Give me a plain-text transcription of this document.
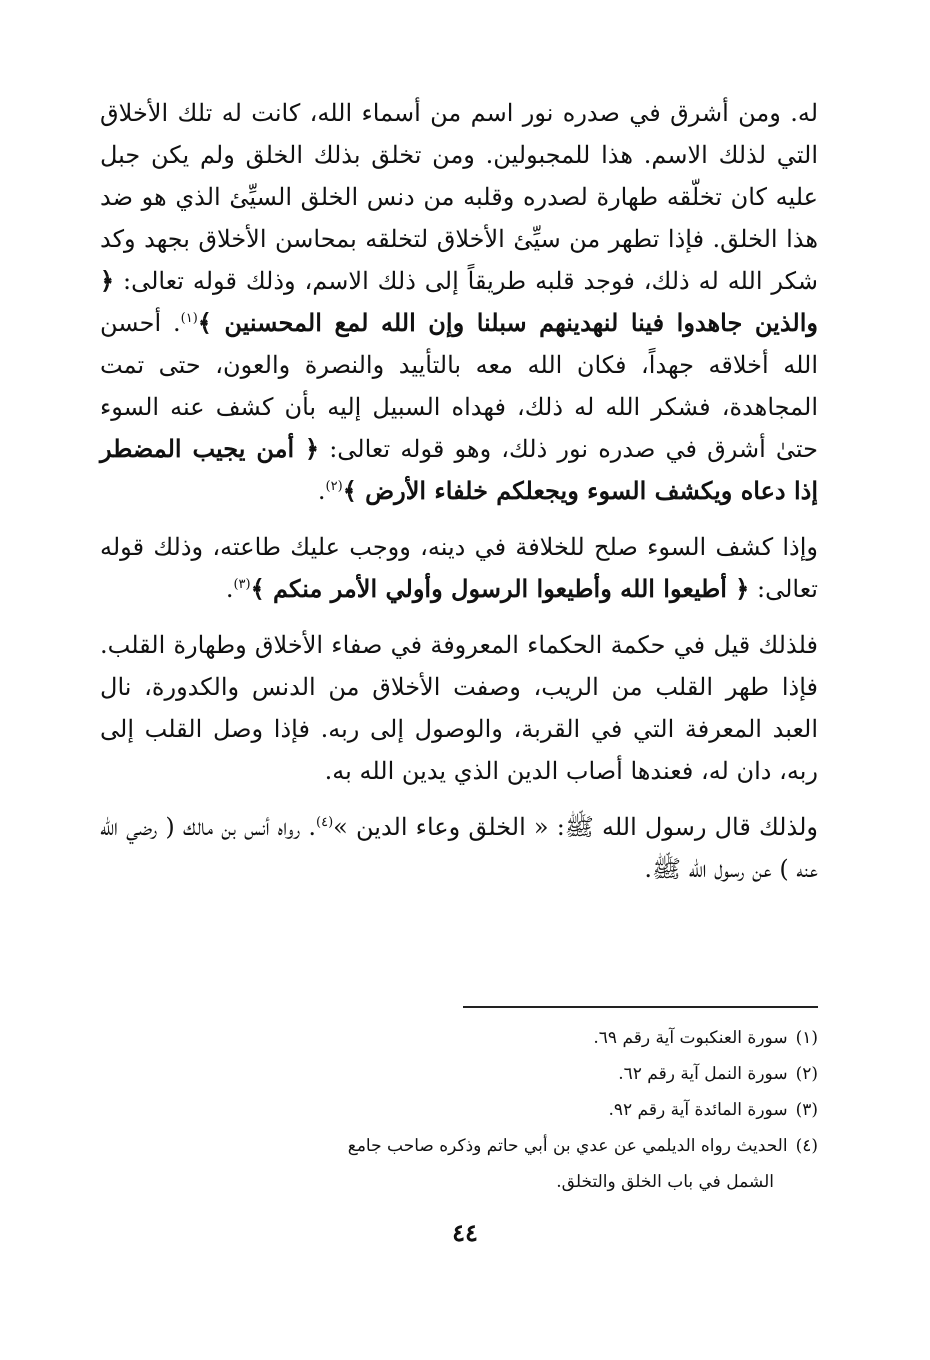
له. ومن أشرق في صدره نور اسم من أسماء الله، كانت له تلك الأخلاق التي لذلك الاسم. هذا للمجبولين. ومن تخلق بذلك الخلق ولم يكن جبل عليه كان تخلّقه طهارة لصدره وقلبه من دنس الخلق السيِّئ الذي هو ضد هذا الخلق. فإذا تطهر من سيِّئ الأخلاق لتخلقه بمحاسن الأخلاق بجهد وكد شكر الله له ذلك، فوجد قلبه طريقاً إلى ذلك الاسم، وذلك قوله تعالى: ﴿ والذين جاهدوا فينا لنهدينهم سبلنا وإن الله لمع المحسنين ﴾$^{(١)}$. أحسن الله أخلاقه جهداً، فكان الله معه بالتأييد والنصرة والعون، حتى تمت المجاهدة، فشكر الله له ذلك، فهداه السبيل إليه بأن كشف عنه السوء حتىٰ أشرق في صدره نور ذلك، وهو قوله تعالى: ﴿ أمن يجيب المضطر إذا دعاه ويكشف السوء ويجعلكم خلفاء الأرض ﴾$^{(٢)}$.

وإذا كشف السوء صلح للخلافة في دينه، ووجب عليك طاعته، وذلك قوله تعالى: ﴿ أطيعوا الله وأطيعوا الرسول وأولي الأمر منكم ﴾$^{(٣)}$.

فلذلك قيل في حكمة الحكماء المعروفة في صفاء الأخلاق وطهارة القلب. فإذا طهر القلب من الريب، وصفت الأخلاق من الدنس والكدورة، نال العبد المعرفة التي في القربة، والوصول إلى ربه. فإذا وصل القلب إلى ربه، دان له، فعندها أصاب الدين الذي يدين الله به.

ولذلك قال رسول الله ﷺ: « الخلق وعاء الدين »$^{(٤)}$. رواه أنس بن مالك ( رضي الله عنه ) عن رسول الله ﷺ.

(١)سورة العنكبوت آية رقم ٦٩.
(٢)سورة النمل آية رقم ٦٢.
(٣)سورة المائدة آية رقم ٩٢.
(٤)الحديث رواه الديلمي عن عدي بن أبي حاتم وذكره صاحب جامع
الشمل في باب الخلق والتخلق.
٤٤
